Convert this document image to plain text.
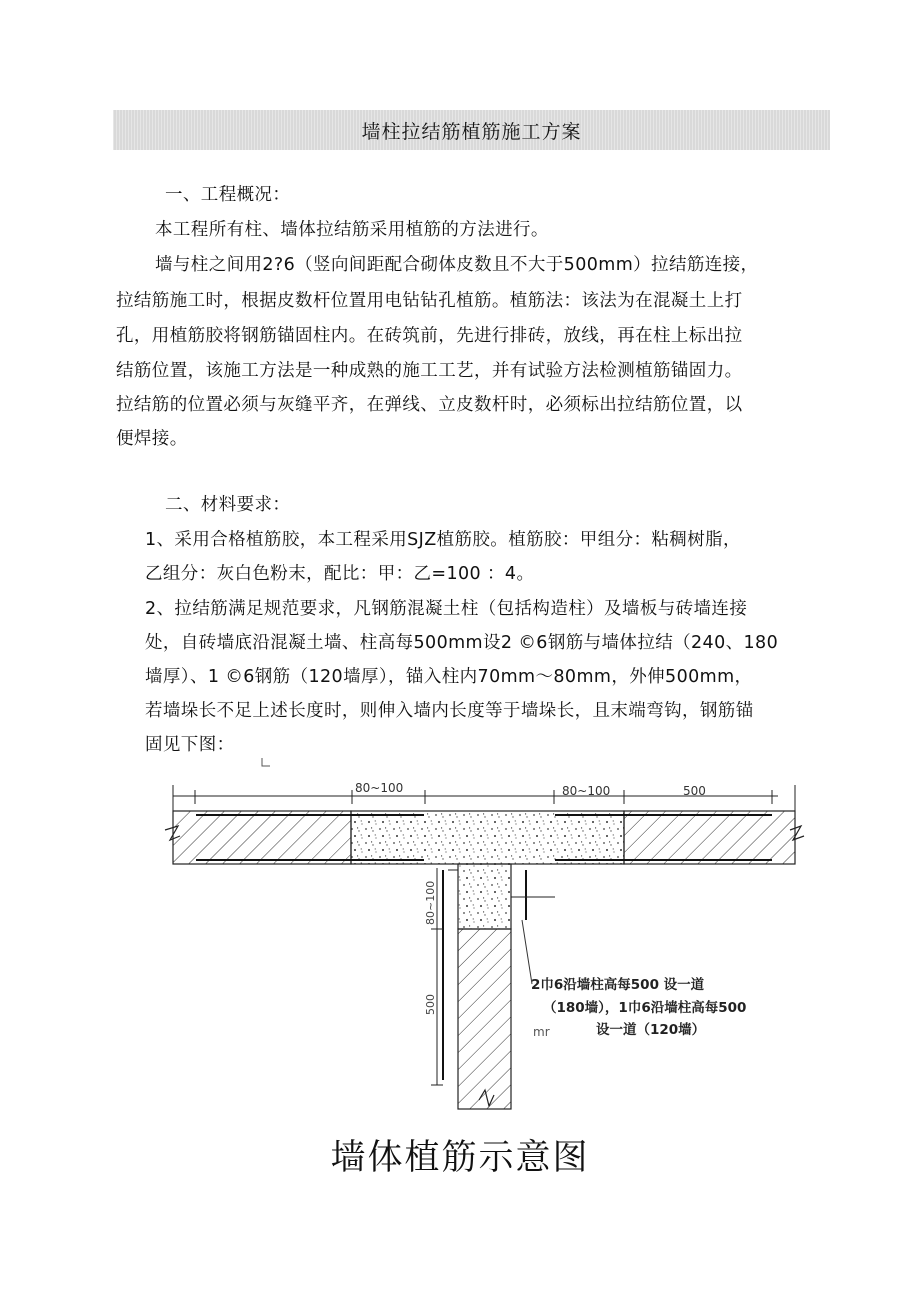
墙柱拉结筋植筋施工方案
一、工程概况：
本工程所有柱、墙体拉结筋采用植筋的方法进行。
墙与柱之间用2?6（竖向间距配合砌体皮数且不大于500mm）拉结筋连接，
拉结筋施工时，根据皮数杆位置用电钻钻孔植筋。植筋法：该法为在混凝土上打
孔，用植筋胶将钢筋锚固柱内。在砖筑前，先进行排砖，放线，再在柱上标出拉
结筋位置，该施工方法是一种成熟的施工工艺，并有试验方法检测植筋锚固力。
拉结筋的位置必须与灰缝平齐，在弹线、立皮数杆时，必须标出拉结筋位置，以
便焊接。
二、材料要求：
1、采用合格植筋胶，本工程采用SJZ植筋胶。植筋胶：甲组分：粘稠树脂，
乙组分：灰白色粉末，配比：甲：乙=100 ：4。
2、拉结筋满足规范要求，凡钢筋混凝土柱（包括构造柱）及墙板与砖墙连接
处，自砖墙底沿混凝土墙、柱高每500mm设2 ©6钢筋与墙体拉结（240、180
墙厚）、1 ©6钢筋（120墙厚），锚入柱内70mm～80mm，外伸500mm，
若墙垛长不足上述长度时，则伸入墙内长度等于墙垛长，且末端弯钩，钢筋锚
固见下图：
80~100	80~100	500
80~100
500
2巾6沿墙柱高每500 设一道
（180墙），1巾6沿墙柱高每500
设一道（120墙）
mr
墙体植筋示意图
